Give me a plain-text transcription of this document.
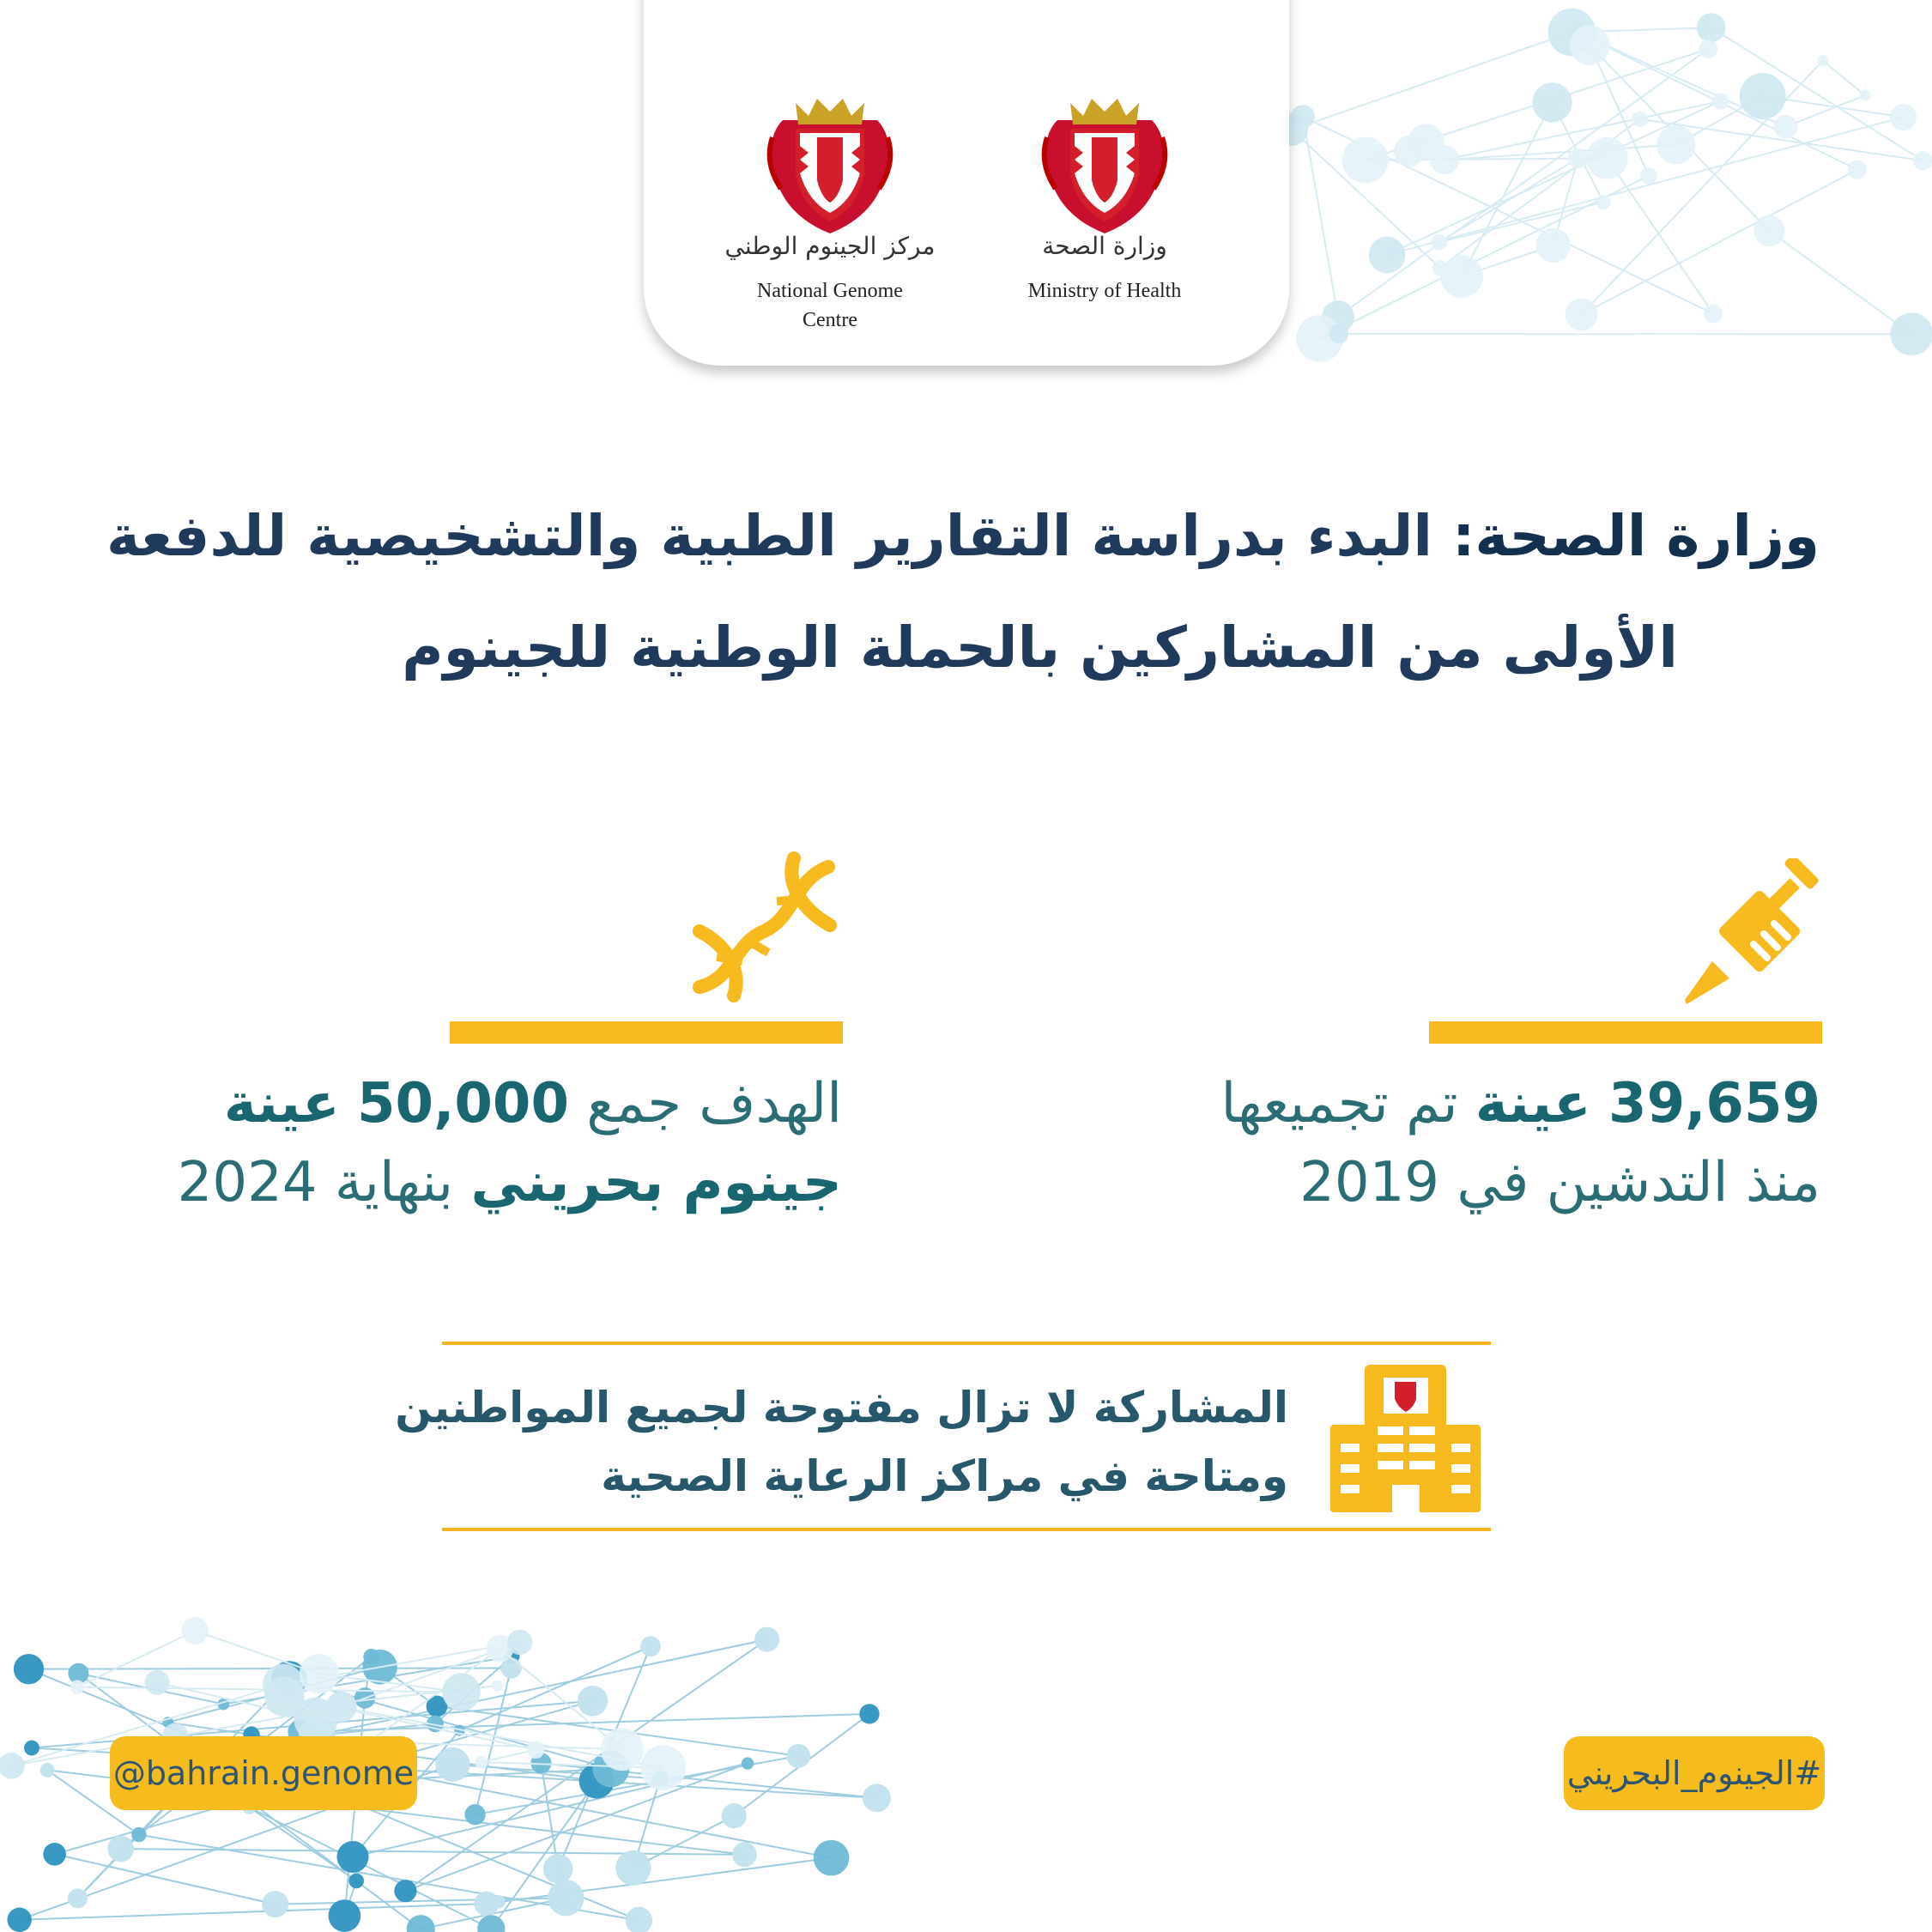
مركز الجينوم الوطني
National Genome
Centre
وزارة الصحة
Ministry of Health
وزارة الصحة: البدء بدراسة التقارير الطبية والتشخيصية للدفعة
الأولى من المشاركين بالحملة الوطنية للجينوم
39,659 عينة تم تجميعها
منذ التدشين في 2019
الهدف جمع 50,000 عينة
جينوم بحريني بنهاية 2024
المشاركة لا تزال مفتوحة لجميع المواطنين
ومتاحة في مراكز الرعاية الصحية
@bahrain.genome	#الجينوم_البحريني
